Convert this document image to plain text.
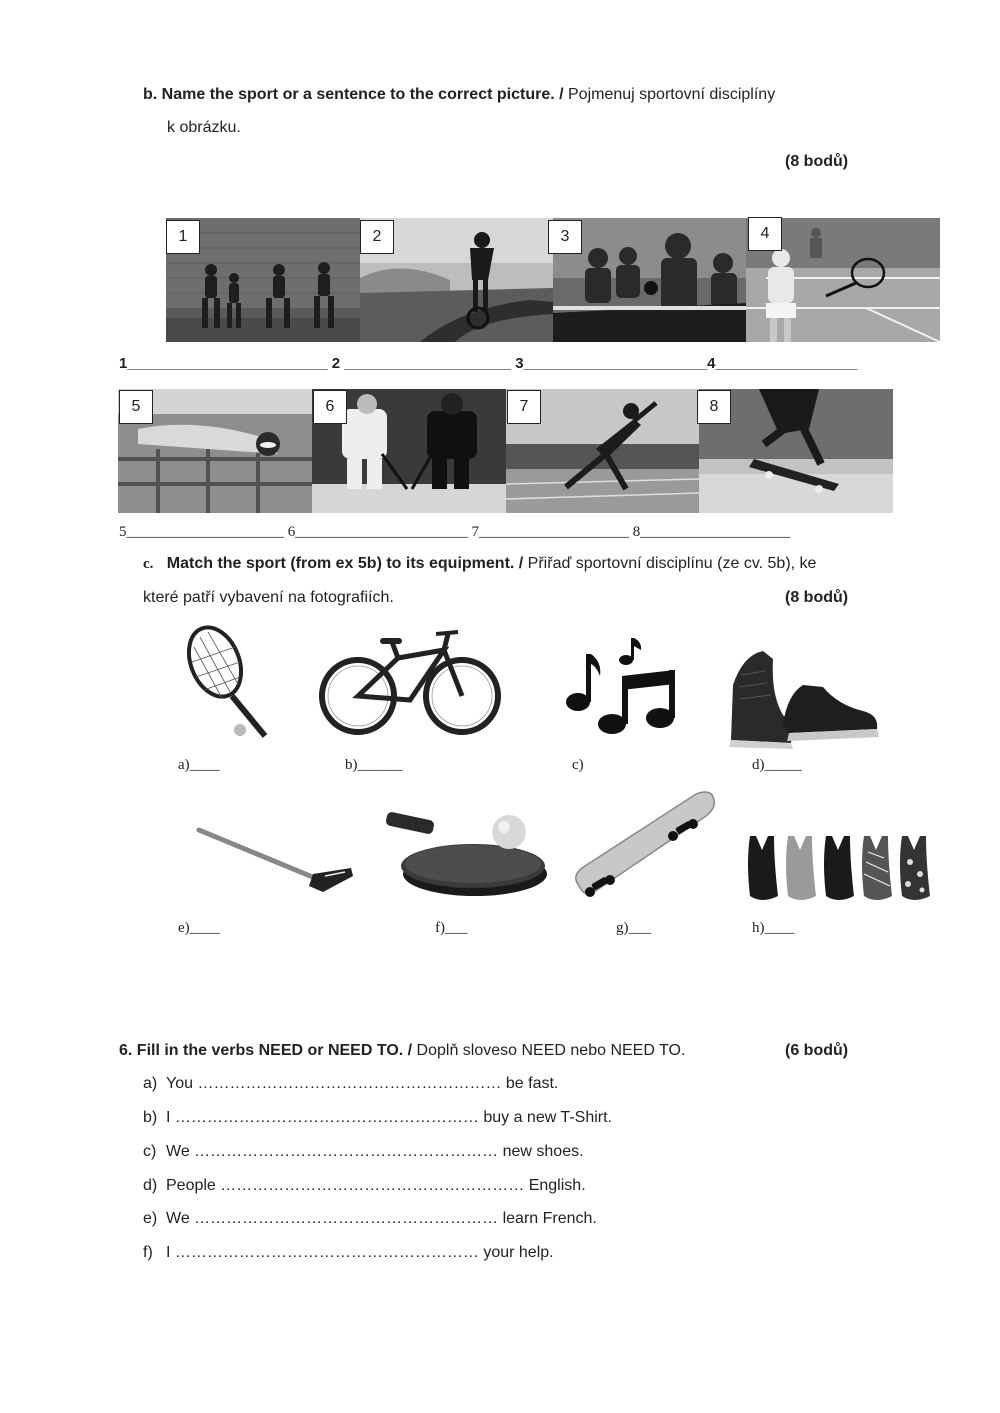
b. Name the sport or a sentence to the correct picture. / Pojmenuj sportovní disciplíny
k obrázku.
(8 bodů)
1	2	3	4
1________________________ 2 ____________________ 3______________________4_________________
5	6	7	8
5_____________________ 6_______________________ 7____________________ 8____________________
c. Match the sport (from ex 5b) to its equipment. / Přiřaď sportovní disciplínu (ze cv. 5b), ke
které patří vybavení na fotografiích.	(8 bodů)
a)____	b)______	c)	d)_____
e)____	f)___	g)___	h)____
6. Fill in the verbs NEED or NEED TO. / Doplň sloveso NEED nebo NEED TO.	(6 bodů)
a) You ………………………………………………… be fast.
b) I ………………………………………………… buy a new T-Shirt.
c) We ………………………………………………… new shoes.
d) People ………………………………………………… English.
e) We ………………………………………………… learn French.
f) I ………………………………………………… your help.
